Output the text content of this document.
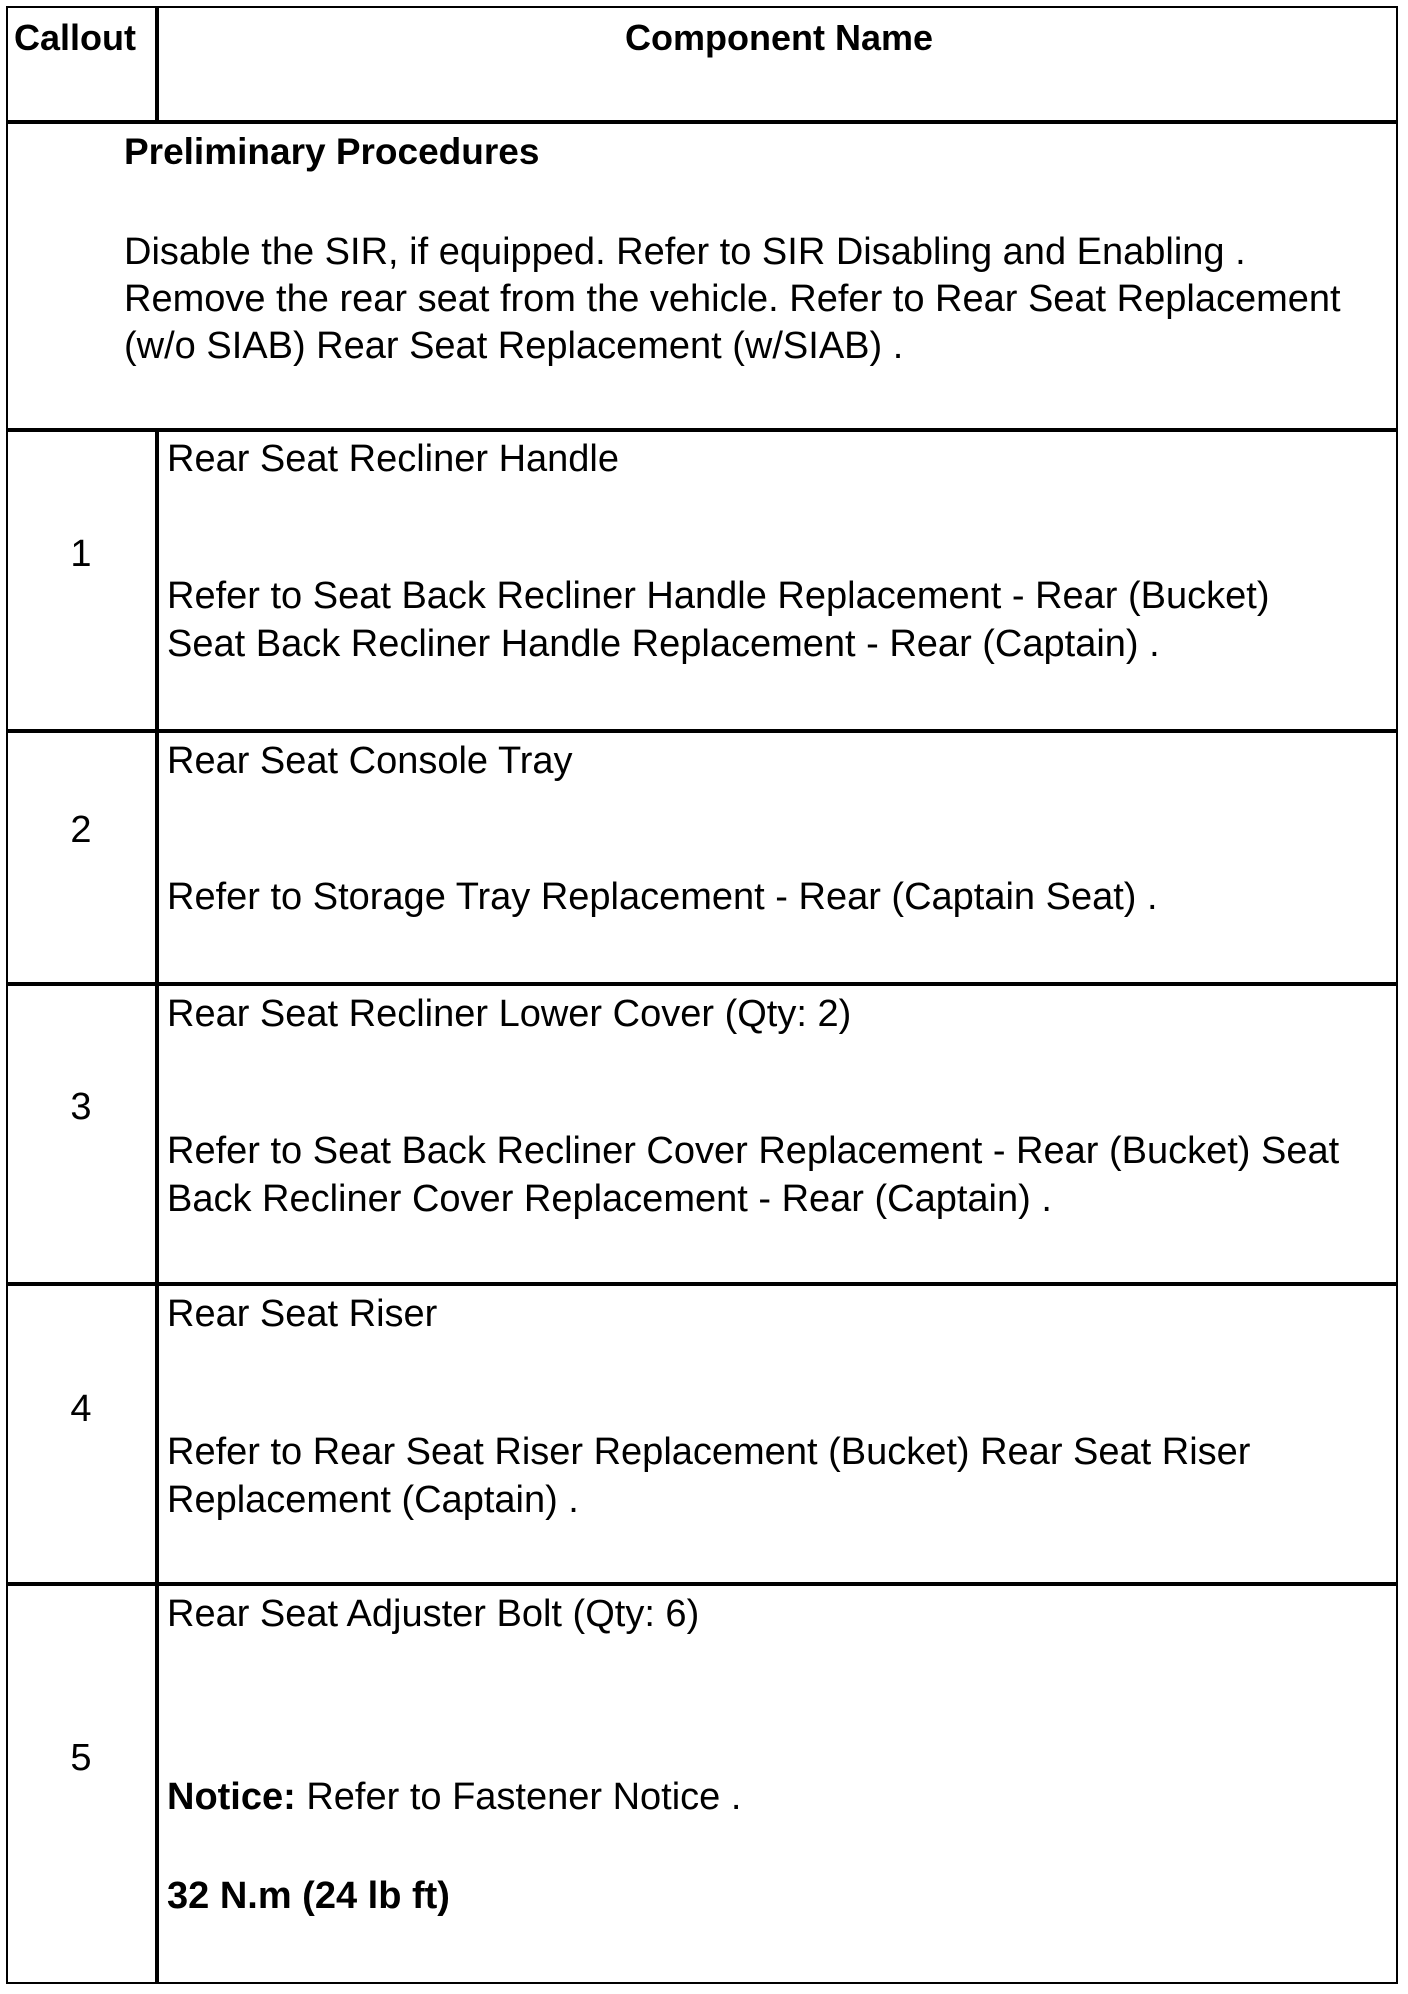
Callout	Component Name
Preliminary Procedures
Disable the SIR, if equipped. Refer to SIR Disabling and Enabling .
Remove the rear seat from the vehicle. Refer to Rear Seat Replacement
(w/o SIAB) Rear Seat Replacement (w/SIAB) .
1
Rear Seat Recliner Handle
Refer to Seat Back Recliner Handle Replacement - Rear (Bucket)
Seat Back Recliner Handle Replacement - Rear (Captain) .
2
Rear Seat Console Tray
Refer to Storage Tray Replacement - Rear (Captain Seat) .
3
Rear Seat Recliner Lower Cover (Qty: 2)
Refer to Seat Back Recliner Cover Replacement - Rear (Bucket) Seat
Back Recliner Cover Replacement - Rear (Captain) .
4
Rear Seat Riser
Refer to Rear Seat Riser Replacement (Bucket) Rear Seat Riser
Replacement (Captain) .
5
Rear Seat Adjuster Bolt (Qty: 6)
Notice: Refer to Fastener Notice .
32 N.m (24 lb ft)
